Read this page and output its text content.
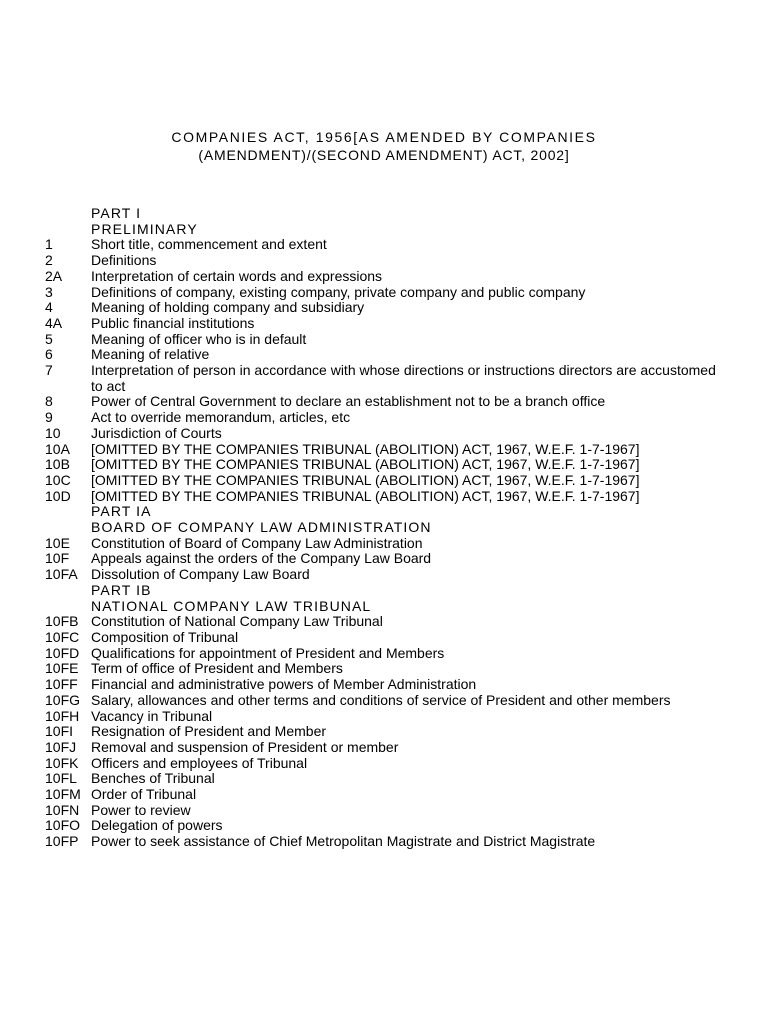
COMPANIES ACT, 1956[AS AMENDED BY COMPANIES
(AMENDMENT)/(SECOND AMENDMENT) ACT, 2002]
PART I
PRELIMINARY
1	Short title, commencement and extent
2	Definitions
2A	Interpretation of certain words and expressions
3	Definitions of company, existing company, private company and public company
4	Meaning of holding company and subsidiary
4A	Public financial institutions
5	Meaning of officer who is in default
6	Meaning of relative
7	Interpretation of person in accordance with whose directions or instructions directors are accustomed to act
8	Power of Central Government to declare an establishment not to be a branch office
9	Act to override memorandum, articles, etc
10	Jurisdiction of Courts
10A	[OMITTED BY THE COMPANIES TRIBUNAL (ABOLITION) ACT, 1967, W.E.F. 1-7-1967]
10B	[OMITTED BY THE COMPANIES TRIBUNAL (ABOLITION) ACT, 1967, W.E.F. 1-7-1967]
10C	[OMITTED BY THE COMPANIES TRIBUNAL (ABOLITION) ACT, 1967, W.E.F. 1-7-1967]
10D	[OMITTED BY THE COMPANIES TRIBUNAL (ABOLITION) ACT, 1967, W.E.F. 1-7-1967]
PART IA
BOARD OF COMPANY LAW ADMINISTRATION
10E	Constitution of Board of Company Law Administration
10F	Appeals against the orders of the Company Law Board
10FA Dissolution of Company Law Board
PART IB
NATIONAL COMPANY LAW TRIBUNAL
10FB Constitution of National Company Law Tribunal
10FC Composition of Tribunal
10FD Qualifications for appointment of President and Members
10FE Term of office of President and Members
10FF Financial and administrative powers of Member Administration
10FG Salary, allowances and other terms and conditions of service of President and other members
10FH Vacancy in Tribunal
10FI	Resignation of President and Member
10FJ	Removal and suspension of President or member
10FK Officers and employees of Tribunal
10FL	Benches of Tribunal
10FM Order of Tribunal
10FN Power to review
10FO Delegation of powers
10FP Power to seek assistance of Chief Metropolitan Magistrate and District Magistrate
